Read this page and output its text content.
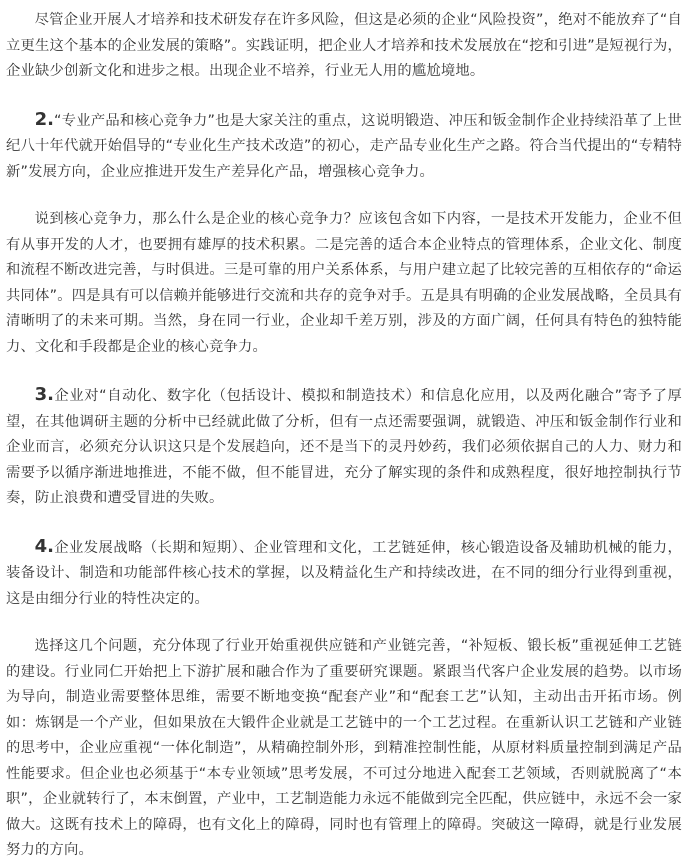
尽管企业开展人才培养和技术研发存在许多风险，但这是必须的企业“风险投资”，绝对不能放弃了“自立更生这个基本的企业发展的策略”。实践证明，把企业人才培养和技术发展放在“挖和引进”是短视行为，企业缺少创新文化和进步之根。出现企业不培养，行业无人用的尴尬境地。

2.“专业产品和核心竞争力”也是大家关注的重点，这说明锻造、冲压和钣金制作企业持续沿革了上世纪八十年代就开始倡导的“专业化生产技术改造”的初心，走产品专业化生产之路。符合当代提出的“专精特新”发展方向，企业应推进开发生产差异化产品，增强核心竞争力。

说到核心竞争力，那么什么是企业的核心竞争力？应该包含如下内容，一是技术开发能力，企业不但有从事开发的人才，也要拥有雄厚的技术积累。二是完善的适合本企业特点的管理体系，企业文化、制度和流程不断改进完善，与时俱进。三是可靠的用户关系体系，与用户建立起了比较完善的互相依存的“命运共同体”。四是具有可以信赖并能够进行交流和共存的竞争对手。五是具有明确的企业发展战略，全员具有清晰明了的未来可期。当然，身在同一行业，企业却千差万别，涉及的方面广阔，任何具有特色的独特能力、文化和手段都是企业的核心竞争力。

3.企业对“自动化、数字化（包括设计、模拟和制造技术）和信息化应用，以及两化融合”寄予了厚望，在其他调研主题的分析中已经就此做了分析，但有一点还需要强调，就锻造、冲压和钣金制作行业和企业而言，必须充分认识这只是个发展趋向，还不是当下的灵丹妙药，我们必须依据自己的人力、财力和需要予以循序渐进地推进，不能不做，但不能冒进，充分了解实现的条件和成熟程度，很好地控制执行节奏，防止浪费和遭受冒进的失败。

4.企业发展战略（长期和短期）、企业管理和文化，工艺链延伸，核心锻造设备及辅助机械的能力，装备设计、制造和功能部件核心技术的掌握，以及精益化生产和持续改进，在不同的细分行业得到重视，这是由细分行业的特性决定的。

选择这几个问题，充分体现了行业开始重视供应链和产业链完善，“补短板、锻长板”重视延伸工艺链的建设。行业同仁开始把上下游扩展和融合作为了重要研究课题。紧跟当代客户企业发展的趋势。以市场为导向，制造业需要整体思维，需要不断地变换“配套产业”和“配套工艺”认知，主动出击开拓市场。例如：炼钢是一个产业，但如果放在大锻件企业就是工艺链中的一个工艺过程。在重新认识工艺链和产业链的思考中，企业应重视“一体化制造”，从精确控制外形，到精准控制性能，从原材料质量控制到满足产品性能要求。但企业也必须基于“本专业领域”思考发展，不可过分地进入配套工艺领域，否则就脱离了“本职”，企业就转行了，本末倒置，产业中，工艺制造能力永远不能做到完全匹配，供应链中，永远不会一家做大。这既有技术上的障碍，也有文化上的障碍，同时也有管理上的障碍。突破这一障碍，就是行业发展努力的方向。
